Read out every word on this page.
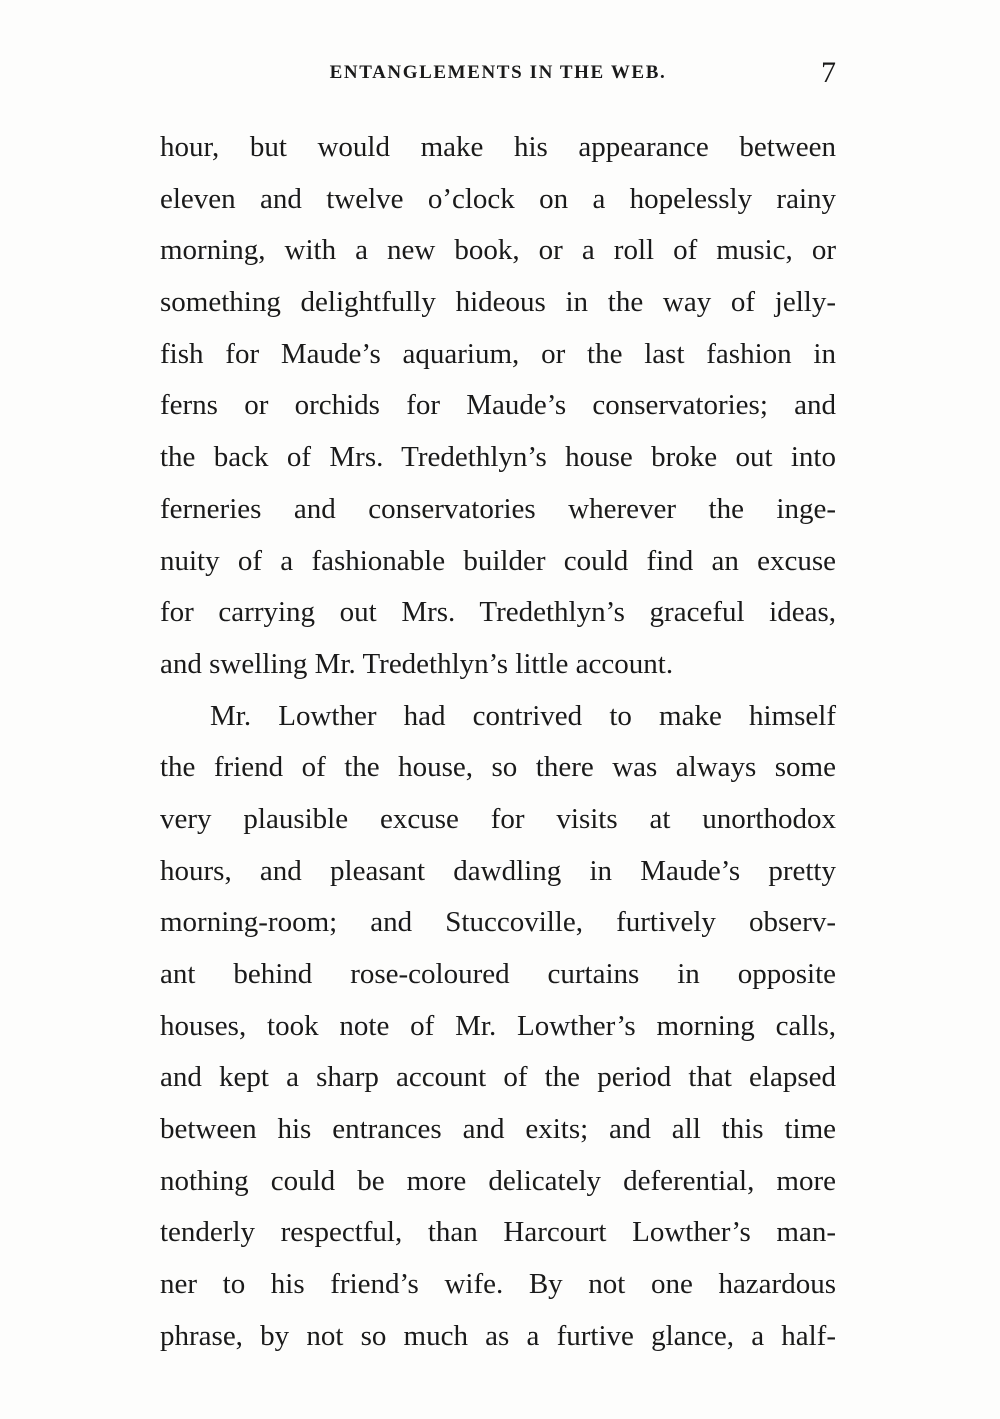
ENTANGLEMENTS IN THE WEB.	7
hour, but would make his appearance between
eleven and twelve o’clock on a hopelessly rainy
morning, with a new book, or a roll of music, or
something delightfully hideous in the way of jelly-
fish for Maude’s aquarium, or the last fashion in
ferns or orchids for Maude’s conservatories; and
the back of Mrs. Tredethlyn’s house broke out into
ferneries and conservatories wherever the inge-
nuity of a fashionable builder could find an excuse
for carrying out Mrs. Tredethlyn’s graceful ideas,
and swelling Mr. Tredethlyn’s little account.
Mr. Lowther had contrived to make himself
the friend of the house, so there was always some
very plausible excuse for visits at unorthodox
hours, and pleasant dawdling in Maude’s pretty
morning-room; and Stuccoville, furtively observ-
ant behind rose-coloured curtains in opposite
houses, took note of Mr. Lowther’s morning calls,
and kept a sharp account of the period that elapsed
between his entrances and exits; and all this time
nothing could be more delicately deferential, more
tenderly respectful, than Harcourt Lowther’s man-
ner to his friend’s wife. By not one hazardous
phrase, by not so much as a furtive glance, a half-
